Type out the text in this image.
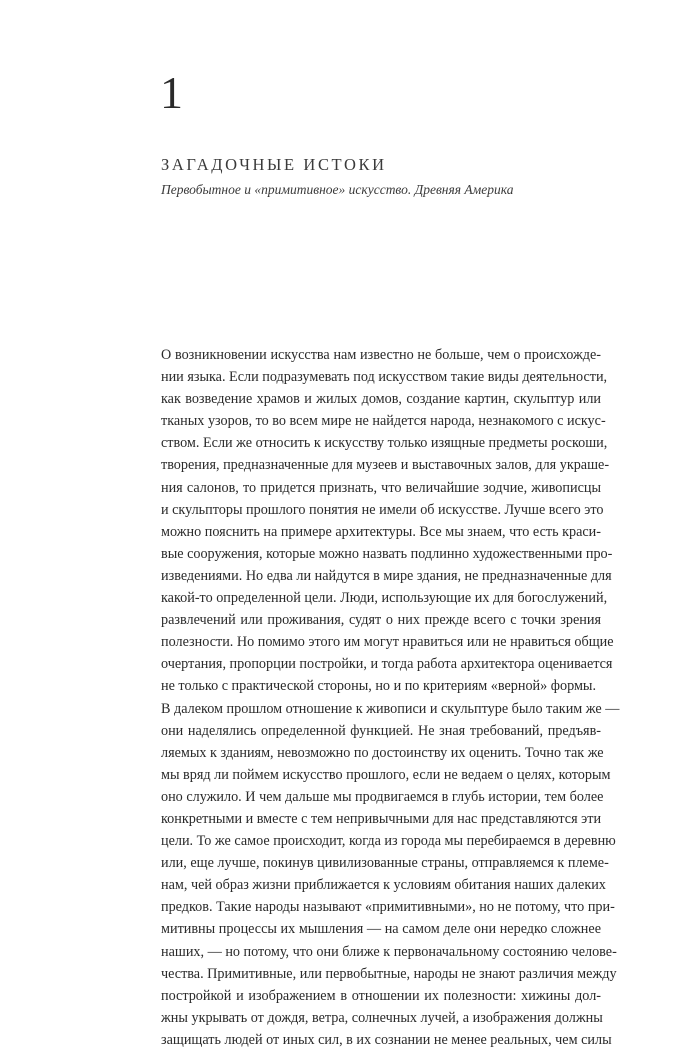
1
ЗАГАДОЧНЫЕ ИСТОКИ

Первобытное и «примитивное» искусство. Древняя Америка

О возникновении искусства нам известно не больше, чем о происхожде-
нии языка. Если подразумевать под искусством такие виды деятельности,
как возведение храмов и жилых домов, создание картин, скульптур или
тканых узоров, то во всем мире не найдется народа, незнакомого с искус-
ством. Если же относить к искусству только изящные предметы роскоши,
творения, предназначенные для музеев и выставочных залов, для украше-
ния салонов, то придется признать, что величайшие зодчие, живописцы
и скульпторы прошлого понятия не имели об искусстве. Лучше всего это
можно пояснить на примере архитектуры. Все мы знаем, что есть краси-
вые сооружения, которые можно назвать подлинно художественными про-
изведениями. Но едва ли найдутся в мире здания, не предназначенные для
какой-то определенной цели. Люди, использующие их для богослужений,
развлечений или проживания, судят о них прежде всего с точки зрения
полезности. Но помимо этого им могут нравиться или не нравиться общие
очертания, пропорции постройки, и тогда работа архитектора оценивается
не только с практической стороны, но и по критериям «верной» формы.
В далеком прошлом отношение к живописи и скульптуре было таким же —
они наделялись определенной функцией. Не зная требований, предъяв-
ляемых к зданиям, невозможно по достоинству их оценить. Точно так же
мы вряд ли поймем искусство прошлого, если не ведаем о целях, которым
оно служило. И чем дальше мы продвигаемся в глубь истории, тем более
конкретными и вместе с тем непривычными для нас представляются эти
цели. То же самое происходит, когда из города мы перебираемся в деревню
или, еще лучше, покинув цивилизованные страны, отправляемся к племе-
нам, чей образ жизни приближается к условиям обитания наших далеких
предков. Такие народы называют «примитивными», но не потому, что при-
митивны процессы их мышления — на самом деле они нередко сложнее
наших, — но потому, что они ближе к первоначальному состоянию челове-
чества. Примитивные, или первобытные, народы не знают различия между
постройкой и изображением в отношении их полезности: хижины дол-
жны укрывать от дождя, ветра, солнечных лучей, а изображения должны
защищать людей от иных сил, в их сознании не менее реальных, чем силы
